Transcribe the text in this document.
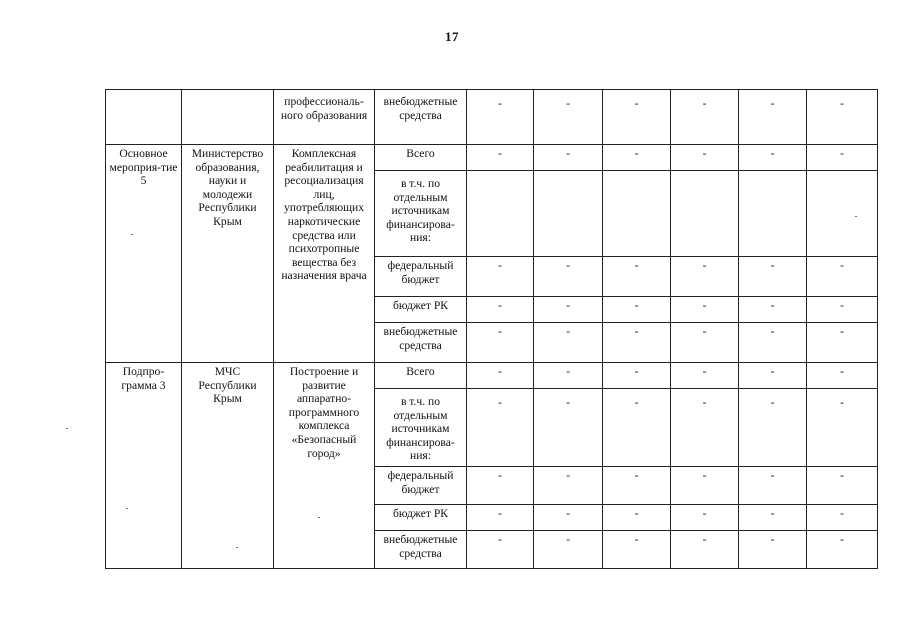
17
		профессиональ-ного образования	внебюджетные средства	-	-	-	-	-	-
Основное мероприя-тие 5	Министерство образования, науки и молодежи Республики Крым	Комплексная реабилитация и ресоциализация лиц, употребляющих наркотические средства или психотропные вещества без назначения врача	Всего	-	-	-	-	-	-
			в т.ч. по отдельным источникам финансирова-ния:						
			федеральный бюджет	-	-	-	-	-	-
			бюджет РК	-	-	-	-	-	-
			внебюджетные средства	-	-	-	-	-	-
Подпро-грамма 3	МЧС Республики Крым	Построение и развитие аппаратно-программного комплекса «Безопасный город»	Всего	-	-	-	-	-	-
			в т.ч. по отдельным источникам финансирова-ния:	-	-	-	-	-	-
			федеральный бюджет	-	-	-	-	-	-
			бюджет РК	-	-	-	-	-	-
			внебюджетные средства	-	-	-	-	-	-
